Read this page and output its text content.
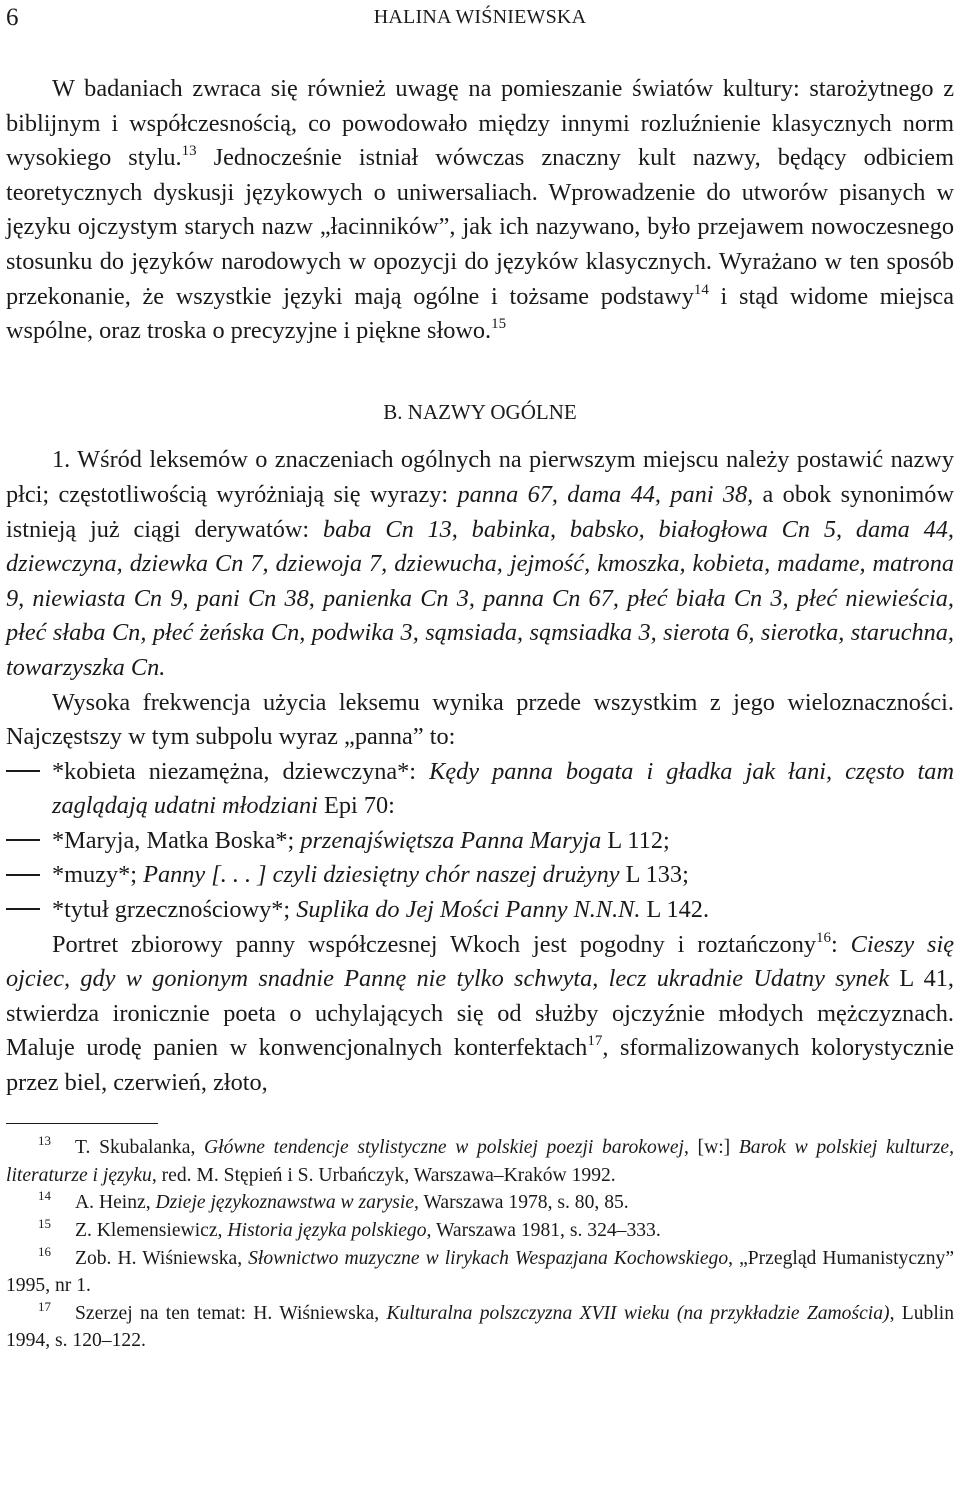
6	HALINA WIŚNIEWSKA

W badaniach zwraca się również uwagę na pomieszanie światów kultury: starożytnego z biblijnym i współczesnością, co powodowało między innymi rozluźnienie klasycznych norm wysokiego stylu.$^{13}$ Jednocześnie istniał wówczas znaczny kult nazwy, będący odbiciem teoretycznych dyskusji językowych o uniwersaliach. Wprowadzenie do utworów pisanych w języku ojczystym starych nazw „łacinników”, jak ich nazywano, było przejawem nowoczesnego stosunku do języków narodowych w opozycji do języków klasycznych. Wyrażano w ten sposób przekonanie, że wszystkie języki mają ogólne i tożsame podstawy$^{14}$ i stąd widome miejsca wspólne, oraz troska o precyzyjne i piękne słowo.$^{15}$

B. NAZWY OGÓLNE

1. Wśród leksemów o znaczeniach ogólnych na pierwszym miejscu należy postawić nazwy płci; częstotliwością wyróżniają się wyrazy: panna 67, dama 44, pani 38, a obok synonimów istnieją już ciągi derywatów: baba Cn 13, babinka, babsko, białogłowa Cn 5, dama 44, dziewczyna, dziewka Cn 7, dziewoja 7, dziewucha, jejmość, kmoszka, kobieta, madame, matrona 9, niewiasta Cn 9, pani Cn 38, panienka Cn 3, panna Cn 67, płeć biała Cn 3, płeć niewieścia, płeć słaba Cn, płeć żeńska Cn, podwika 3, sąmsiada, sąmsiadka 3, sierota 6, sierotka, staruchna, towarzyszka Cn.

Wysoka frekwencja użycia leksemu wynika przede wszystkim z jego wieloznaczności. Najczęstszy w tym subpolu wyraz „panna” to:

*kobieta niezamężna, dziewczyna*: Kędy panna bogata i gładka jak łani, często tam zaglądają udatni młodziani Epi 70:

*Maryja, Matka Boska*; przenajświętsza Panna Maryja L 112;

*muzy*; Panny [. . . ] czyli dziesiętny chór naszej drużyny L 133;

*tytuł grzecznościowy*; Suplika do Jej Mości Panny N.N.N. L 142.

Portret zbiorowy panny współczesnej Wkoch jest pogodny i roztańczony$^{16}$: Cieszy się ojciec, gdy w gonionym snadnie Pannę nie tylko schwyta, lecz ukradnie Udatny synek L 41, stwierdza ironicznie poeta o uchylających się od służby ojczyźnie młodych mężczyznach. Maluje urodę panien w konwencjonalnych konterfektach$^{17}$, sformalizowanych kolorystycznie przez biel, czerwień, złoto,

$^{13}$ T. Skubalanka, Główne tendencje stylistyczne w polskiej poezji barokowej, [w:] Barok w polskiej kulturze, literaturze i języku, red. M. Stępień i S. Urbańczyk, Warszawa–Kraków 1992.

$^{14}$ A. Heinz, Dzieje językoznawstwa w zarysie, Warszawa 1978, s. 80, 85.

$^{15}$ Z. Klemensiewicz, Historia języka polskiego, Warszawa 1981, s. 324–333.

$^{16}$ Zob. H. Wiśniewska, Słownictwo muzyczne w lirykach Wespazjana Kochowskiego, „Przegląd Humanistyczny” 1995, nr 1.

$^{17}$ Szerzej na ten temat: H. Wiśniewska, Kulturalna polszczyzna XVII wieku (na przykładzie Zamościa), Lublin 1994, s. 120–122.
